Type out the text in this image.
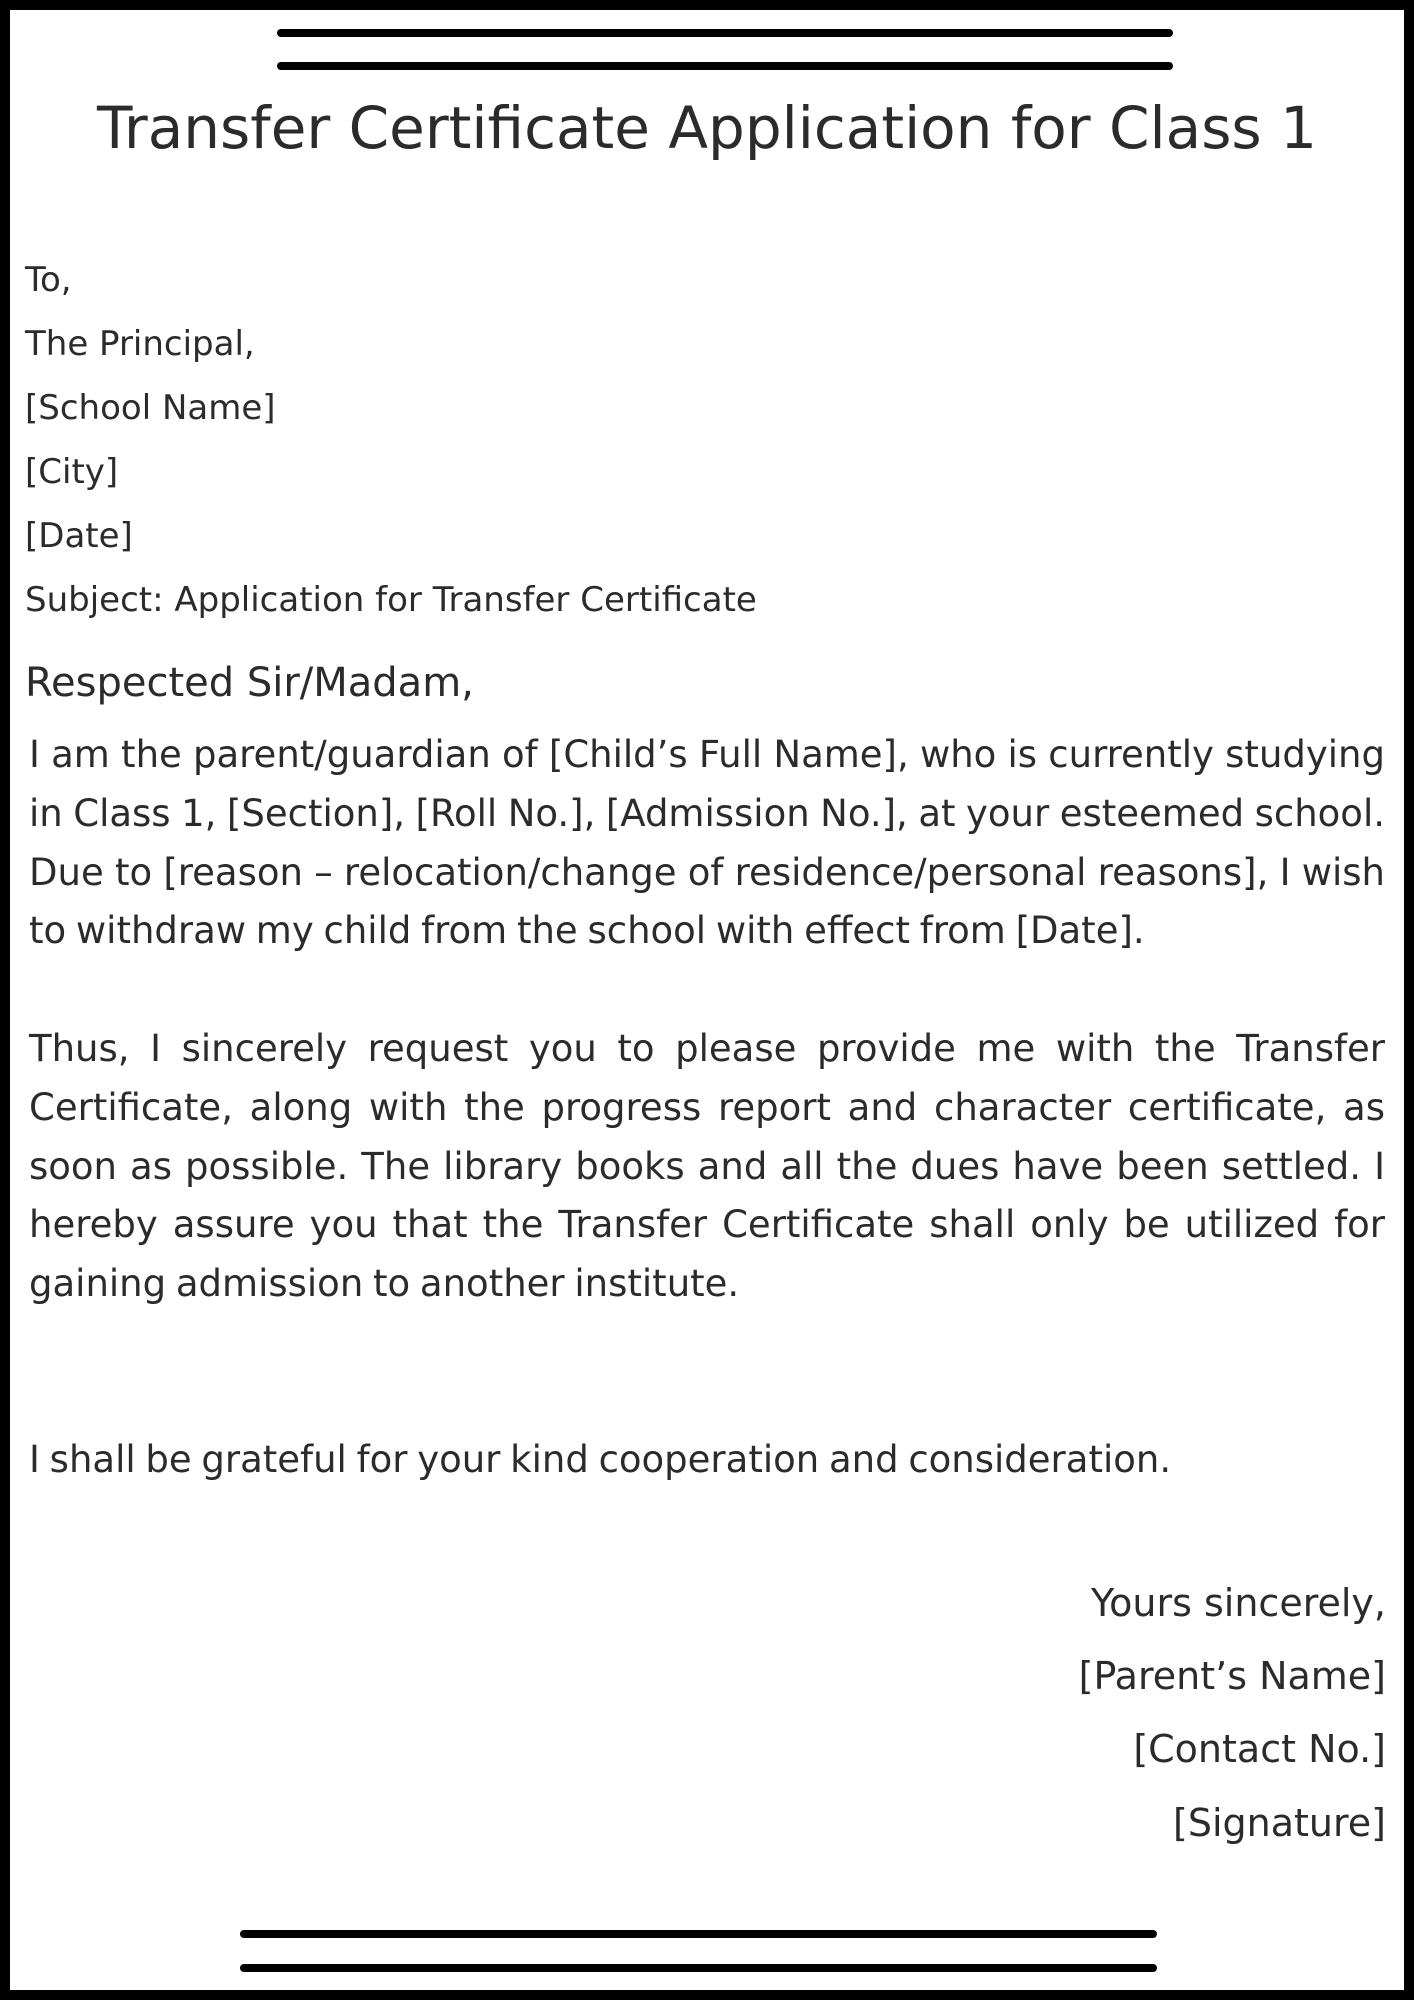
Transfer Certificate Application for Class 1

To,

The Principal,

[School Name]

[City]

[Date]

Subject: Application for Transfer Certificate

Respected Sir/Madam,

I am the parent/guardian of [Child’s Full Name], who is currently studying in Class 1, [Section], [Roll No.], [Admission No.], at your esteemed school. Due to [reason – relocation/change of residence/personal reasons], I wish to withdraw my child from the school with effect from [Date].

Thus, I sincerely request you to please provide me with the Transfer Certificate, along with the progress report and character certificate, as soon as possible. The library books and all the dues have been settled. I hereby assure you that the Transfer Certificate shall only be utilized for gaining admission to another institute.

I shall be grateful for your kind cooperation and consideration.

Yours sincerely,

[Parent’s Name]

[Contact No.]

[Signature]
